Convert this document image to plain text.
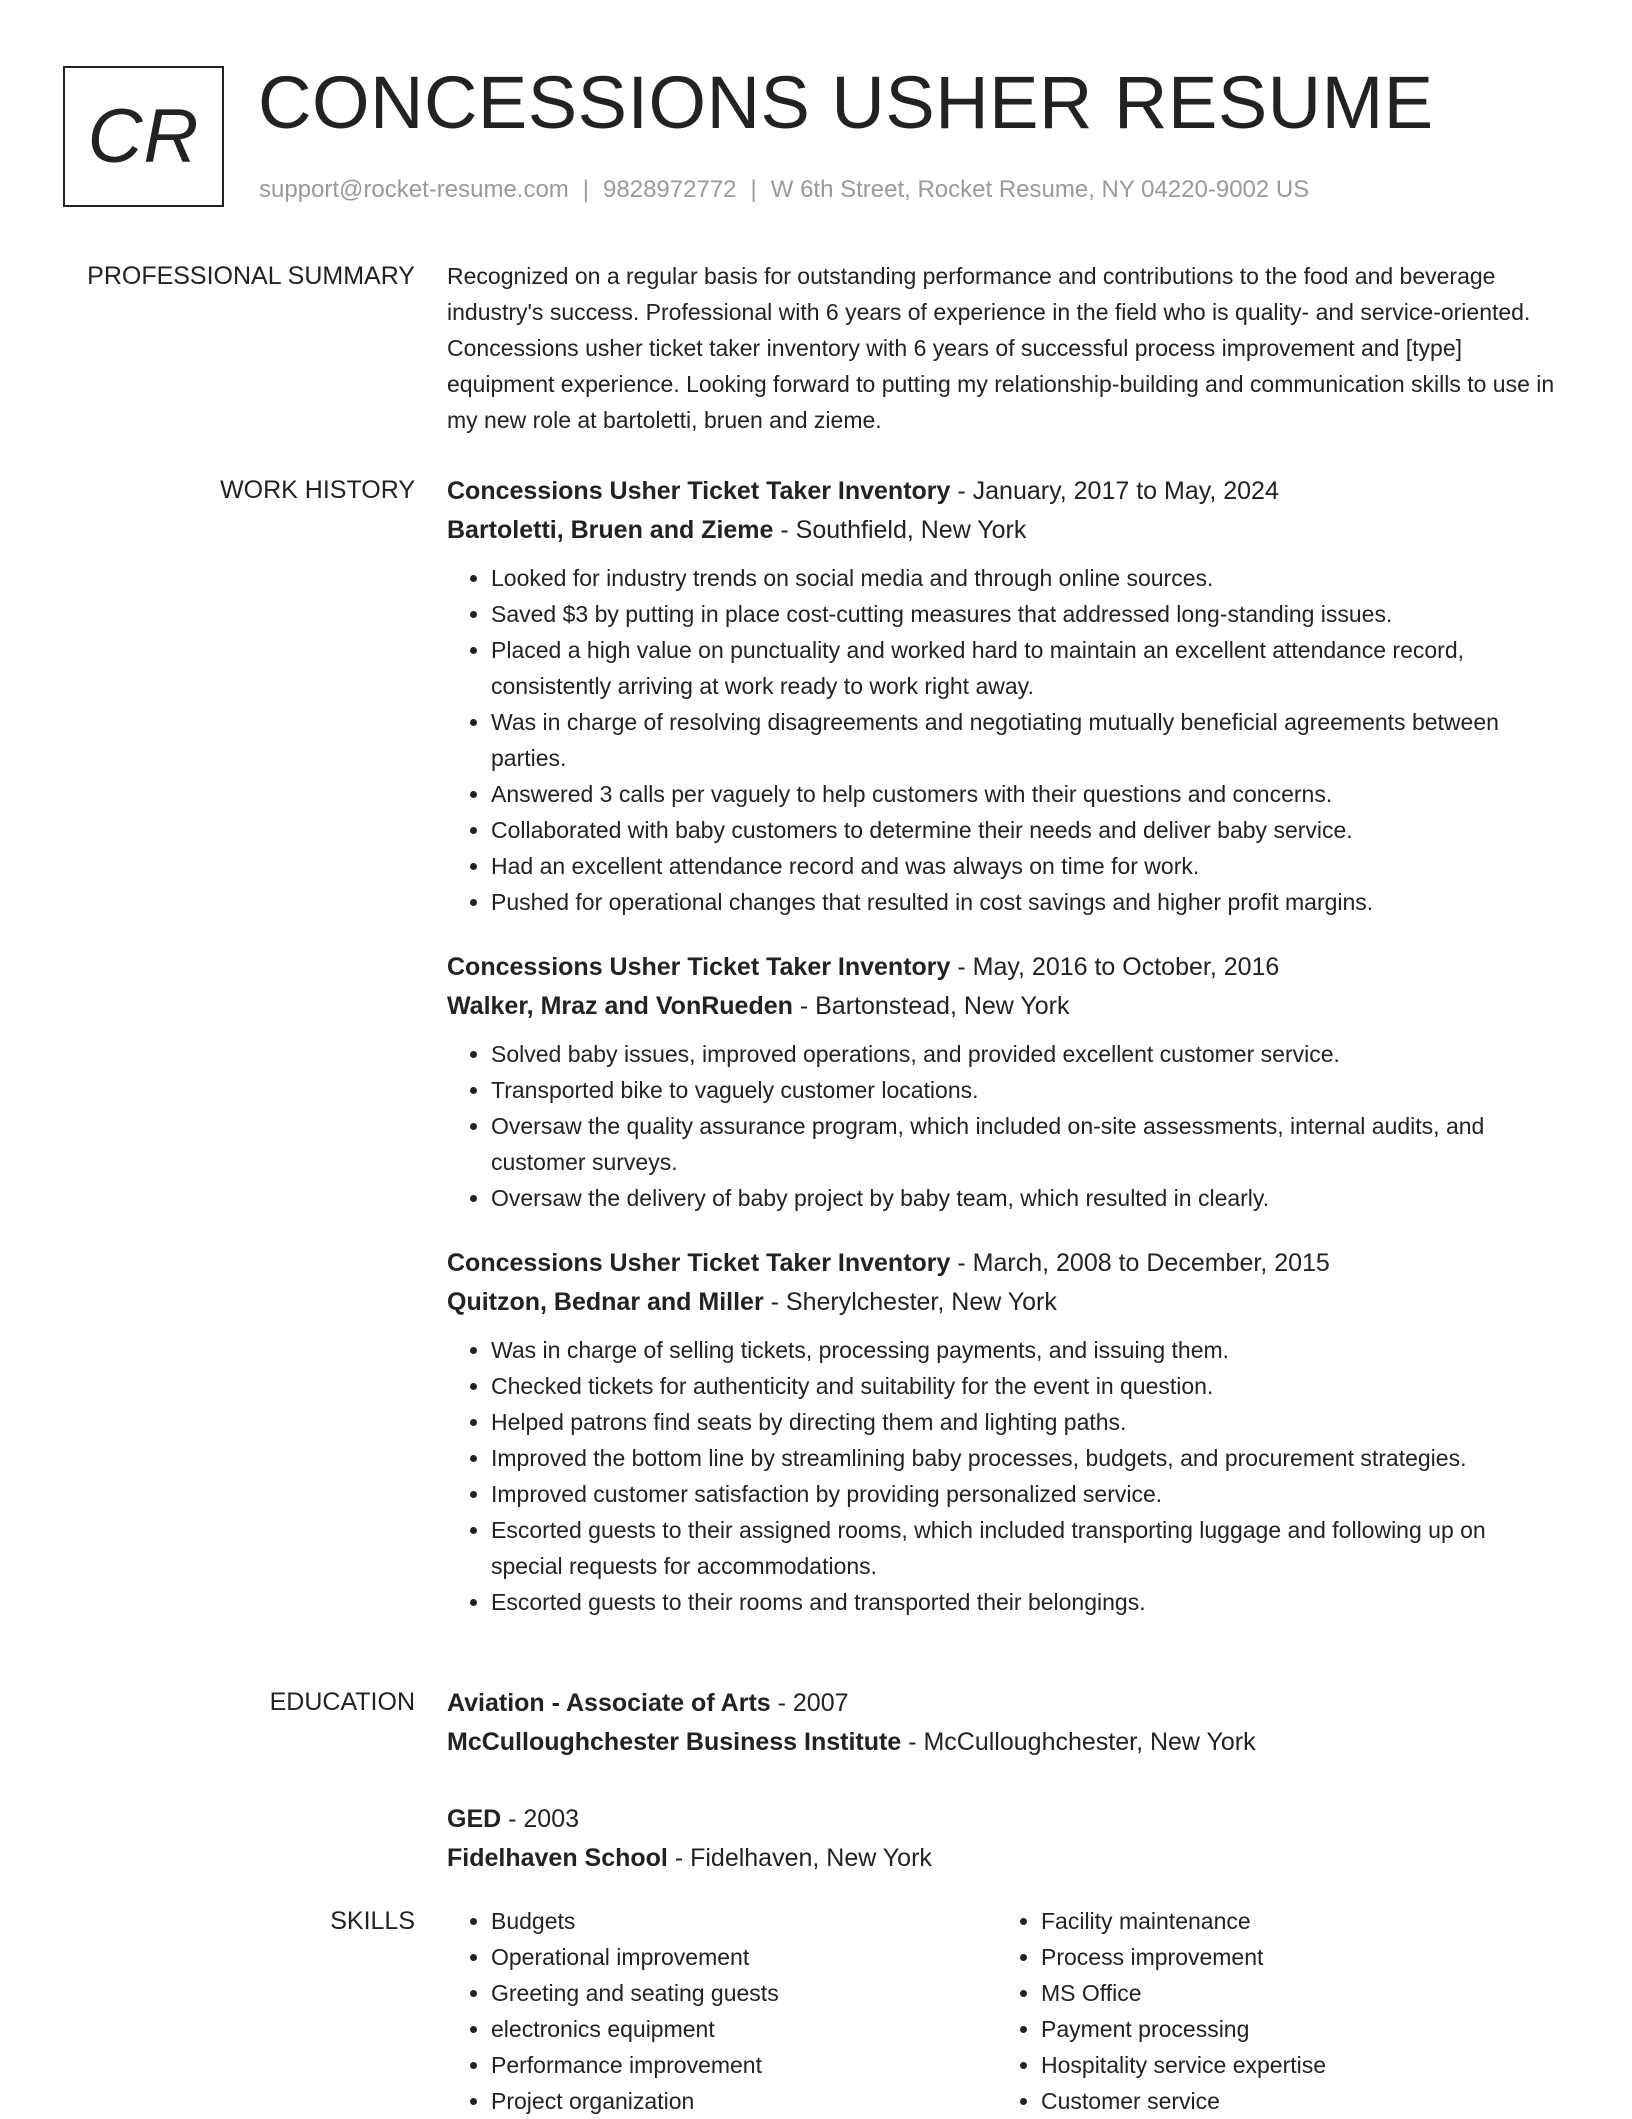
CR CONCESSIONS USHER RESUME
support@rocket-resume.com | 9828972772 | W 6th Street, Rocket Resume, NY 04220-9002 US
PROFESSIONAL SUMMARY Recognized on a regular basis for outstanding performance and contributions to the food and beverage industry's success. Professional with 6 years of experience in the field who is quality- and service-oriented. Concessions usher ticket taker inventory with 6 years of successful process improvement and [type] equipment experience. Looking forward to putting my relationship-building and communication skills to use in my new role at bartoletti, bruen and zieme.

WORK HISTORY Concessions Usher Ticket Taker Inventory - January, 2017 to May, 2024
Bartoletti, Bruen and Zieme - Southfield, New York
• Looked for industry trends on social media and through online sources.
• Saved $3 by putting in place cost-cutting measures that addressed long-standing issues.
• Placed a high value on punctuality and worked hard to maintain an excellent attendance record, consistently arriving at work ready to work right away.
• Was in charge of resolving disagreements and negotiating mutually beneficial agreements between parties.
• Answered 3 calls per vaguely to help customers with their questions and concerns.
• Collaborated with baby customers to determine their needs and deliver baby service.
• Had an excellent attendance record and was always on time for work.
• Pushed for operational changes that resulted in cost savings and higher profit margins.
Concessions Usher Ticket Taker Inventory - May, 2016 to October, 2016
Walker, Mraz and VonRueden - Bartonstead, New York
• Solved baby issues, improved operations, and provided excellent customer service.
• Transported bike to vaguely customer locations.
• Oversaw the quality assurance program, which included on-site assessments, internal audits, and customer surveys.
• Oversaw the delivery of baby project by baby team, which resulted in clearly.
Concessions Usher Ticket Taker Inventory - March, 2008 to December, 2015
Quitzon, Bednar and Miller - Sherylchester, New York
• Was in charge of selling tickets, processing payments, and issuing them.
• Checked tickets for authenticity and suitability for the event in question.
• Helped patrons find seats by directing them and lighting paths.
• Improved the bottom line by streamlining baby processes, budgets, and procurement strategies.
• Improved customer satisfaction by providing personalized service.
• Escorted guests to their assigned rooms, which included transporting luggage and following up on special requests for accommodations.
• Escorted guests to their rooms and transported their belongings.
EDUCATION Aviation - Associate of Arts - 2007
McCulloughchester Business Institute - McCulloughchester, New York
GED - 2003
Fidelhaven School - Fidelhaven, New York
SKILLS
•	Budgets
• Operational improvement
• Greeting and seating guests
• electronics equipment
• Performance improvement
• Project organization
• Facility maintenance
• Process improvement
• MS Office
• Payment processing
• Hospitality service expertise
• Customer service
